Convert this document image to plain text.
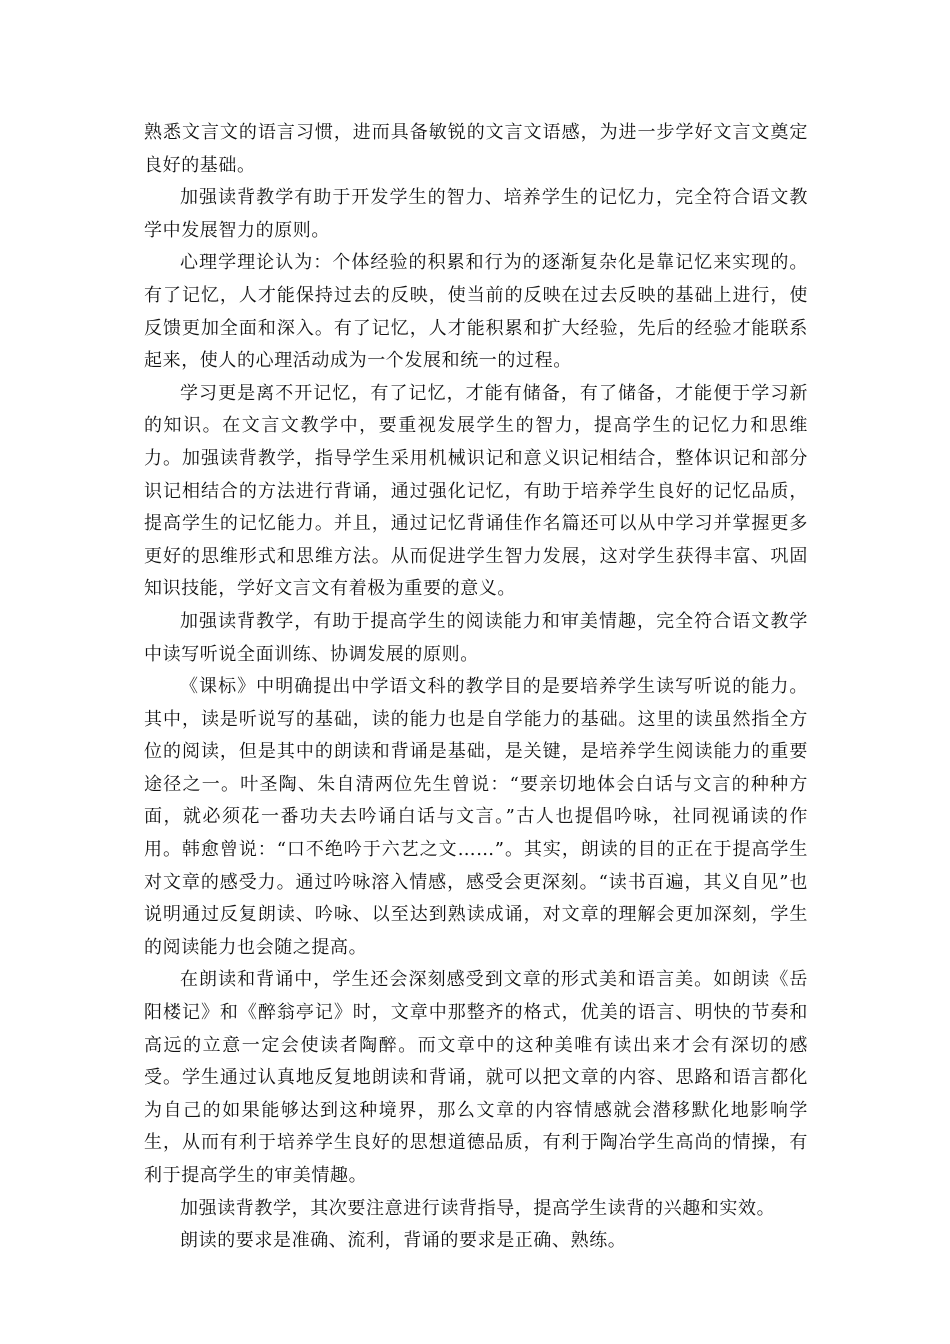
熟悉文言文的语言习惯，进而具备敏锐的文言文语感，为进一步学好文言文奠定良好的基础。

加强读背教学有助于开发学生的智力、培养学生的记忆力，完全符合语文教学中发展智力的原则。

心理学理论认为：个体经验的积累和行为的逐渐复杂化是靠记忆来实现的。有了记忆，人才能保持过去的反映，使当前的反映在过去反映的基础上进行，使反馈更加全面和深入。有了记忆，人才能积累和扩大经验，先后的经验才能联系起来，使人的心理活动成为一个发展和统一的过程。

学习更是离不开记忆，有了记忆，才能有储备，有了储备，才能便于学习新的知识。在文言文教学中，要重视发展学生的智力，提高学生的记忆力和思维力。加强读背教学，指导学生采用机械识记和意义识记相结合，整体识记和部分识记相结合的方法进行背诵，通过强化记忆，有助于培养学生良好的记忆品质，提高学生的记忆能力。并且，通过记忆背诵佳作名篇还可以从中学习并掌握更多更好的思维形式和思维方法。从而促进学生智力发展，这对学生获得丰富、巩固知识技能，学好文言文有着极为重要的意义。

加强读背教学，有助于提高学生的阅读能力和审美情趣，完全符合语文教学中读写听说全面训练、协调发展的原则。

《课标》中明确提出中学语文科的教学目的是要培养学生读写听说的能力。其中，读是听说写的基础，读的能力也是自学能力的基础。这里的读虽然指全方位的阅读，但是其中的朗读和背诵是基础，是关键，是培养学生阅读能力的重要途径之一。叶圣陶、朱自清两位先生曾说：“要亲切地体会白话与文言的种种方面，就必须花一番功夫去吟诵白话与文言。”古人也提倡吟咏，社同视诵读的作用。韩愈曾说：“口不绝吟于六艺之文……”。其实，朗读的目的正在于提高学生对文章的感受力。通过吟咏溶入情感，感受会更深刻。“读书百遍，其义自见”也说明通过反复朗读、吟咏、以至达到熟读成诵，对文章的理解会更加深刻，学生的阅读能力也会随之提高。

在朗读和背诵中，学生还会深刻感受到文章的形式美和语言美。如朗读《岳阳楼记》和《醉翁亭记》时，文章中那整齐的格式，优美的语言、明快的节奏和高远的立意一定会使读者陶醉。而文章中的这种美唯有读出来才会有深切的感受。学生通过认真地反复地朗读和背诵，就可以把文章的内容、思路和语言都化为自己的如果能够达到这种境界，那么文章的内容情感就会潜移默化地影响学生，从而有利于培养学生良好的思想道德品质，有利于陶冶学生高尚的情操，有利于提高学生的审美情趣。

加强读背教学，其次要注意进行读背指导，提高学生读背的兴趣和实效。

朗读的要求是准确、流利，背诵的要求是正确、熟练。
